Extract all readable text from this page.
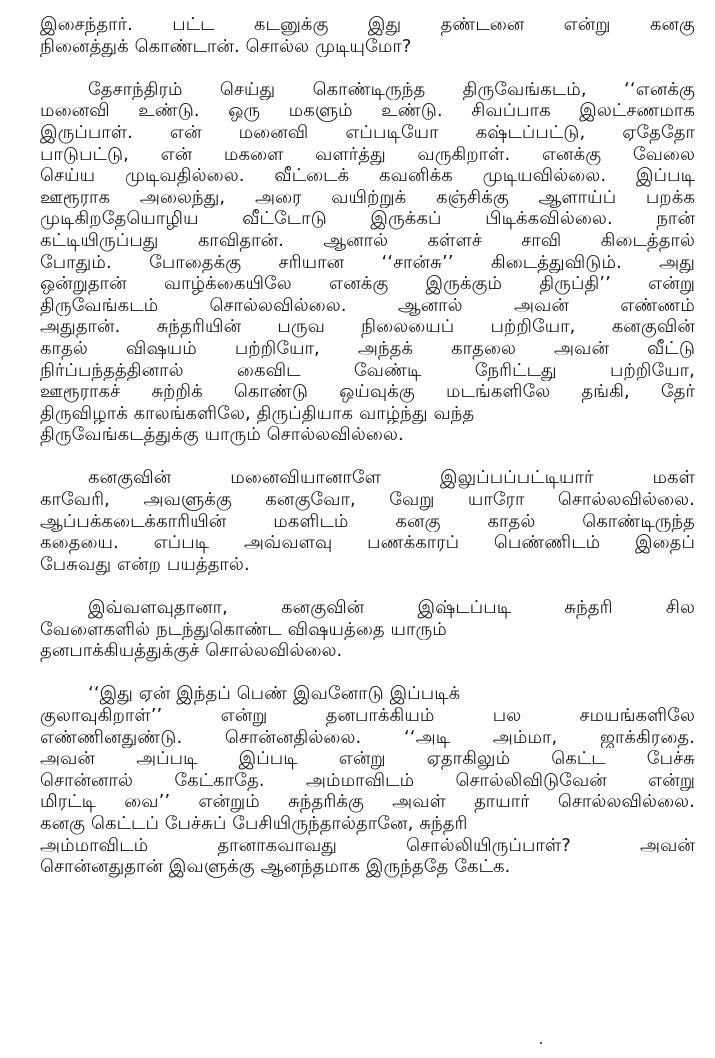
இசைந்தார். பட்ட கடனுக்கு இது தண்டனை என்று கனகு
நினைத்துக் கொண்டான். சொல்ல முடியுமோ?
தேசாந்திரம் செய்து கொண்டிருந்த திருவேங்கடம், ‘‘எனக்கு
மனைவி உண்டு. ஒரு மகளும் உண்டு. சிவப்பாக இலட்சணமாக
இருப்பாள். என் மனைவி எப்படியோ கஷ்டப்பட்டு, ஏதேதோ
பாடுபட்டு, என் மகளை வளர்த்து வருகிறாள். எனக்கு வேலை
செய்ய முடிவதில்லை. வீட்டைக் கவனிக்க முடியவில்லை. இப்படி
ஊரூராக அலைந்து, அரை வயிற்றுக் கஞ்சிக்கு ஆளாய்ப் பறக்க
முடிகிறதேயொழிய வீட்டோடு இருக்கப் பிடிக்கவில்லை. நான்
கட்டியிருப்பது காவிதான். ஆனால் கள்ளச் சாவி கிடைத்தால்
போதும். போதைக்கு சரியான ‘‘சான்சு’’ கிடைத்துவிடும். அது
ஒன்றுதான் வாழ்க்கையிலே எனக்கு இருக்கும் திருப்தி’’ என்று
திருவேங்கடம் சொல்லவில்லை. ஆனால் அவன் எண்ணம்
அதுதான். சுந்தரியின் பருவ நிலையைப் பற்றியோ, கனகுவின்
காதல் விஷயம் பற்றியோ, அந்தக் காதலை அவன் வீட்டு
நிர்ப்பந்தத்தினால் கைவிட வேண்டி நேரிட்டது பற்றியோ,
ஊரூராகச் சுற்றிக் கொண்டு ஒய்வுக்கு மடங்களிலே தங்கி, தேர்
திருவிழாக் காலங்களிலே, திருப்தியாக வாழ்ந்து வந்த
திருவேங்கடத்துக்கு யாரும் சொல்லவில்லை.
கனகுவின் மனைவியானாளே இலுப்பப்பட்டியார் மகள்
காவேரி, அவளுக்கு கனகுவோ, வேறு யாரோ சொல்லவில்லை.
ஆப்பக்கடைக்காரியின் மகளிடம் கனகு காதல் கொண்டிருந்த
கதையை. எப்படி அவ்வளவு பணக்காரப் பெண்ணிடம் இதைப்
பேசுவது என்ற பயத்தால்.
இவ்வளவுதானா, கனகுவின் இஷ்டப்படி சுந்தரி சில
வேளைகளில் நடந்துகொண்ட விஷயத்தை யாரும்
தனபாக்கியத்துக்குச் சொல்லவில்லை.
‘‘இது ஏன் இந்தப் பெண் இவனோடு இப்படிக்
குலாவுகிறாள்’’ என்று தனபாக்கியம் பல சமயங்களிலே
எண்ணினதுண்டு. சொன்னதில்லை. ‘‘அடி அம்மா, ஜாக்கிரதை.
அவன் அப்படி இப்படி என்று ஏதாகிலும் கெட்ட பேச்சு
சொன்னால் கேட்காதே. அம்மாவிடம் சொல்லிவிடுவேன் என்று
மிரட்டி வை’’ என்றும் சுந்தரிக்கு அவள் தாயார் சொல்லவில்லை.
கனகு கெட்டப் பேச்சுப் பேசியிருந்தால்தானே, சுந்தரி
அம்மாவிடம் தானாகவாவது சொல்லியிருப்பாள்? அவன்
சொன்னதுதான் இவளுக்கு ஆனந்தமாக இருந்ததே கேட்க.
